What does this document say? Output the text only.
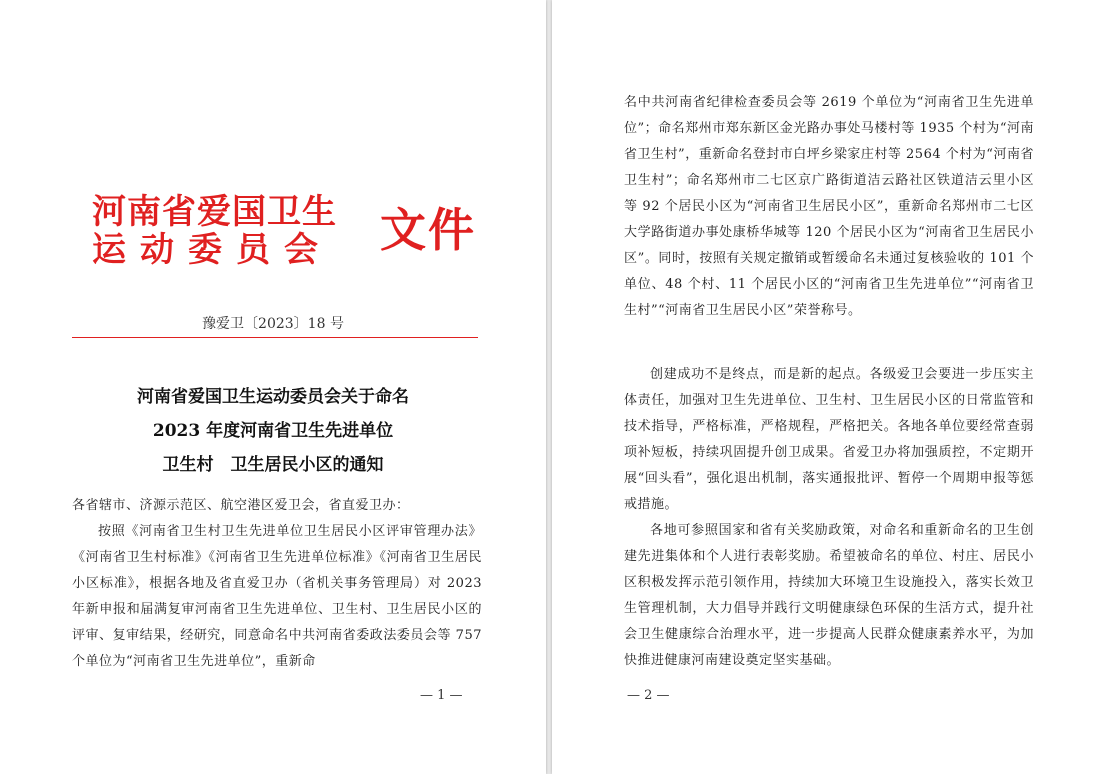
河南省爱国卫生
运动委员会 文件
豫爱卫〔2023〕18 号
河南省爱国卫生运动委员会关于命名
2023 年度河南省卫生先进单位
卫生村　卫生居民小区的通知
各省辖市、济源示范区、航空港区爱卫会，省直爱卫办：
按照《河南省卫生村卫生先进单位卫生居民小区评审管理办法》《河南省卫生村标准》《河南省卫生先进单位标准》《河南省卫生居民小区标准》，根据各地及省直爱卫办（省机关事务管理局）对 2023 年新申报和届满复审河南省卫生先进单位、卫生村、卫生居民小区的评审、复审结果，经研究，同意命名中共河南省委政法委员会等 757 个单位为“河南省卫生先进单位”，重新命
— 1 —
名中共河南省纪律检查委员会等 2619 个单位为“河南省卫生先进单位”；命名郑州市郑东新区金光路办事处马楼村等 1935 个村为“河南省卫生村”，重新命名登封市白坪乡梁家庄村等 2564 个村为“河南省卫生村”；命名郑州市二七区京广路街道洁云路社区铁道洁云里小区等 92 个居民小区为“河南省卫生居民小区”，重新命名郑州市二七区大学路街道办事处康桥华城等 120 个居民小区为“河南省卫生居民小区”。同时，按照有关规定撤销或暂缓命名未通过复核验收的 101 个单位、48 个村、11 个居民小区的“河南省卫生先进单位”“河南省卫生村”“河南省卫生居民小区”荣誉称号。
创建成功不是终点，而是新的起点。各级爱卫会要进一步压实主体责任，加强对卫生先进单位、卫生村、卫生居民小区的日常监管和技术指导，严格标准，严格规程，严格把关。各地各单位要经常查弱项补短板，持续巩固提升创卫成果。省爱卫办将加强质控，不定期开展“回头看”，强化退出机制，落实通报批评、暂停一个周期申报等惩戒措施。
各地可参照国家和省有关奖励政策，对命名和重新命名的卫生创建先进集体和个人进行表彰奖励。希望被命名的单位、村庄、居民小区积极发挥示范引领作用，持续加大环境卫生设施投入，落实长效卫生管理机制，大力倡导并践行文明健康绿色环保的生活方式，提升社会卫生健康综合治理水平，进一步提高人民群众健康素养水平，为加快推进健康河南建设奠定坚实基础。
— 2 —
